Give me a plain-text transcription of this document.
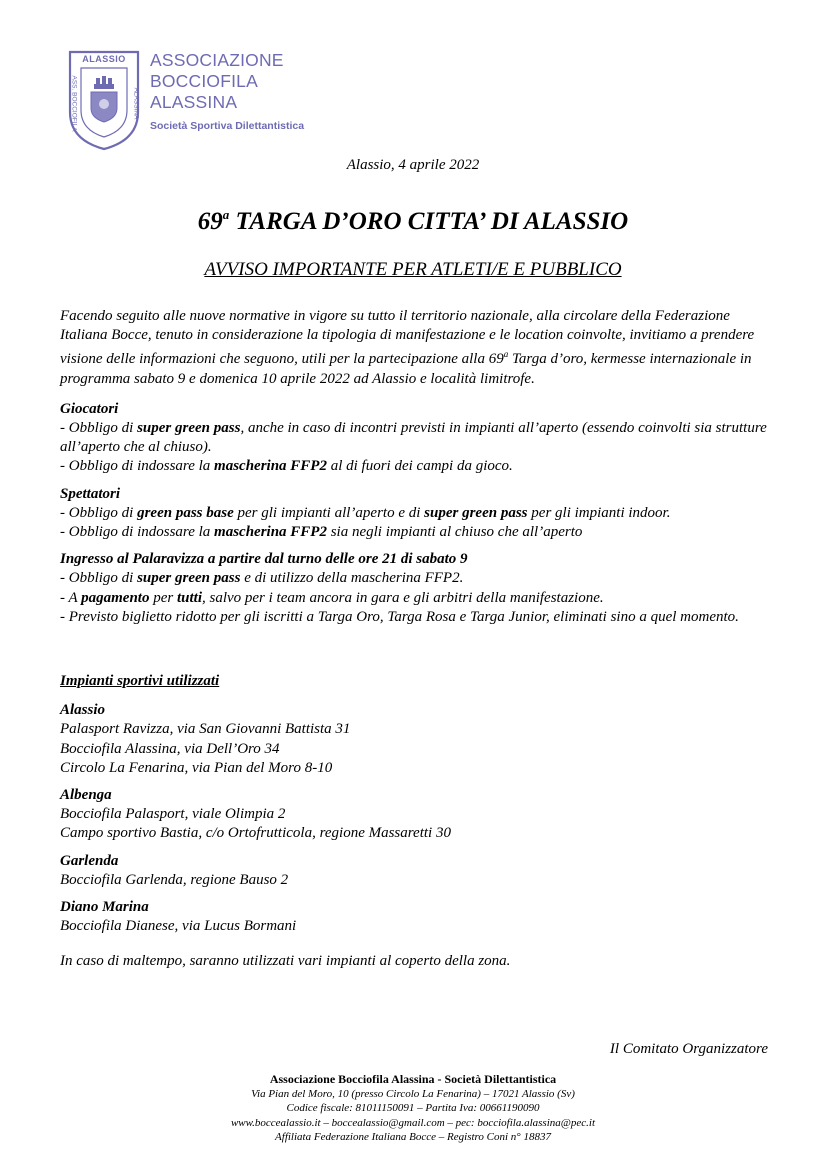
ALASSIO
ASS. BOCCIOFILA	ALASSINA
ASSOCIAZIONE
BOCCIOFILA
ALASSINA
Società Sportiva Dilettantistica
Alassio, 4 aprile 2022
69$^a$ TARGA D’ORO CITTA’ DI ALASSIO
AVVISO IMPORTANTE PER ATLETI/E E PUBBLICO

Facendo seguito alle nuove normative in vigore su tutto il territorio nazionale, alla circolare della Federazione Italiana Bocce, tenuto in considerazione la tipologia di manifestazione e le location coinvolte, invitiamo a prendere visione delle informazioni che seguono, utili per la partecipazione alla 69$^a$ Targa d’oro, kermesse internazionale in programma sabato 9 e domenica 10 aprile 2022 ad Alassio e località limitrofe.

Giocatori

- Obbligo di super green pass, anche in caso di incontri previsti in impianti all’aperto (essendo coinvolti sia strutture all’aperto che al chiuso).

- Obbligo di indossare la mascherina FFP2 al di fuori dei campi da gioco.

Spettatori

- Obbligo di green pass base per gli impianti all’aperto e di super green pass per gli impianti indoor.

- Obbligo di indossare la mascherina FFP2 sia negli impianti al chiuso che all’aperto

Ingresso al Palaravizza a partire dal turno delle ore 21 di sabato 9

- Obbligo di super green pass e di utilizzo della mascherina FFP2.

- A pagamento per tutti, salvo per i team ancora in gara e gli arbitri della manifestazione.

- Previsto biglietto ridotto per gli iscritti a Targa Oro, Targa Rosa e Targa Junior, eliminati sino a quel momento.

Impianti sportivi utilizzati

Alassio

Palasport Ravizza, via San Giovanni Battista 31

Bocciofila Alassina, via Dell’Oro 34

Circolo La Fenarina, via Pian del Moro 8-10

Albenga

Bocciofila Palasport, viale Olimpia 2

Campo sportivo Bastia, c/o Ortofrutticola, regione Massaretti 30

Garlenda

Bocciofila Garlenda, regione Bauso 2

Diano Marina

Bocciofila Dianese, via Lucus Bormani

In caso di maltempo, saranno utilizzati vari impianti al coperto della zona.

Il Comitato Organizzatore
Associazione Bocciofila Alassina - Società Dilettantistica
Via Pian del Moro, 10 (presso Circolo La Fenarina) – 17021 Alassio (Sv)
Codice fiscale: 81011150091 – Partita Iva: 00661190090
www.boccealassio.it – boccealassio@gmail.com – pec: bocciofila.alassina@pec.it
Affiliata Federazione Italiana Bocce – Registro Coni n° 18837
